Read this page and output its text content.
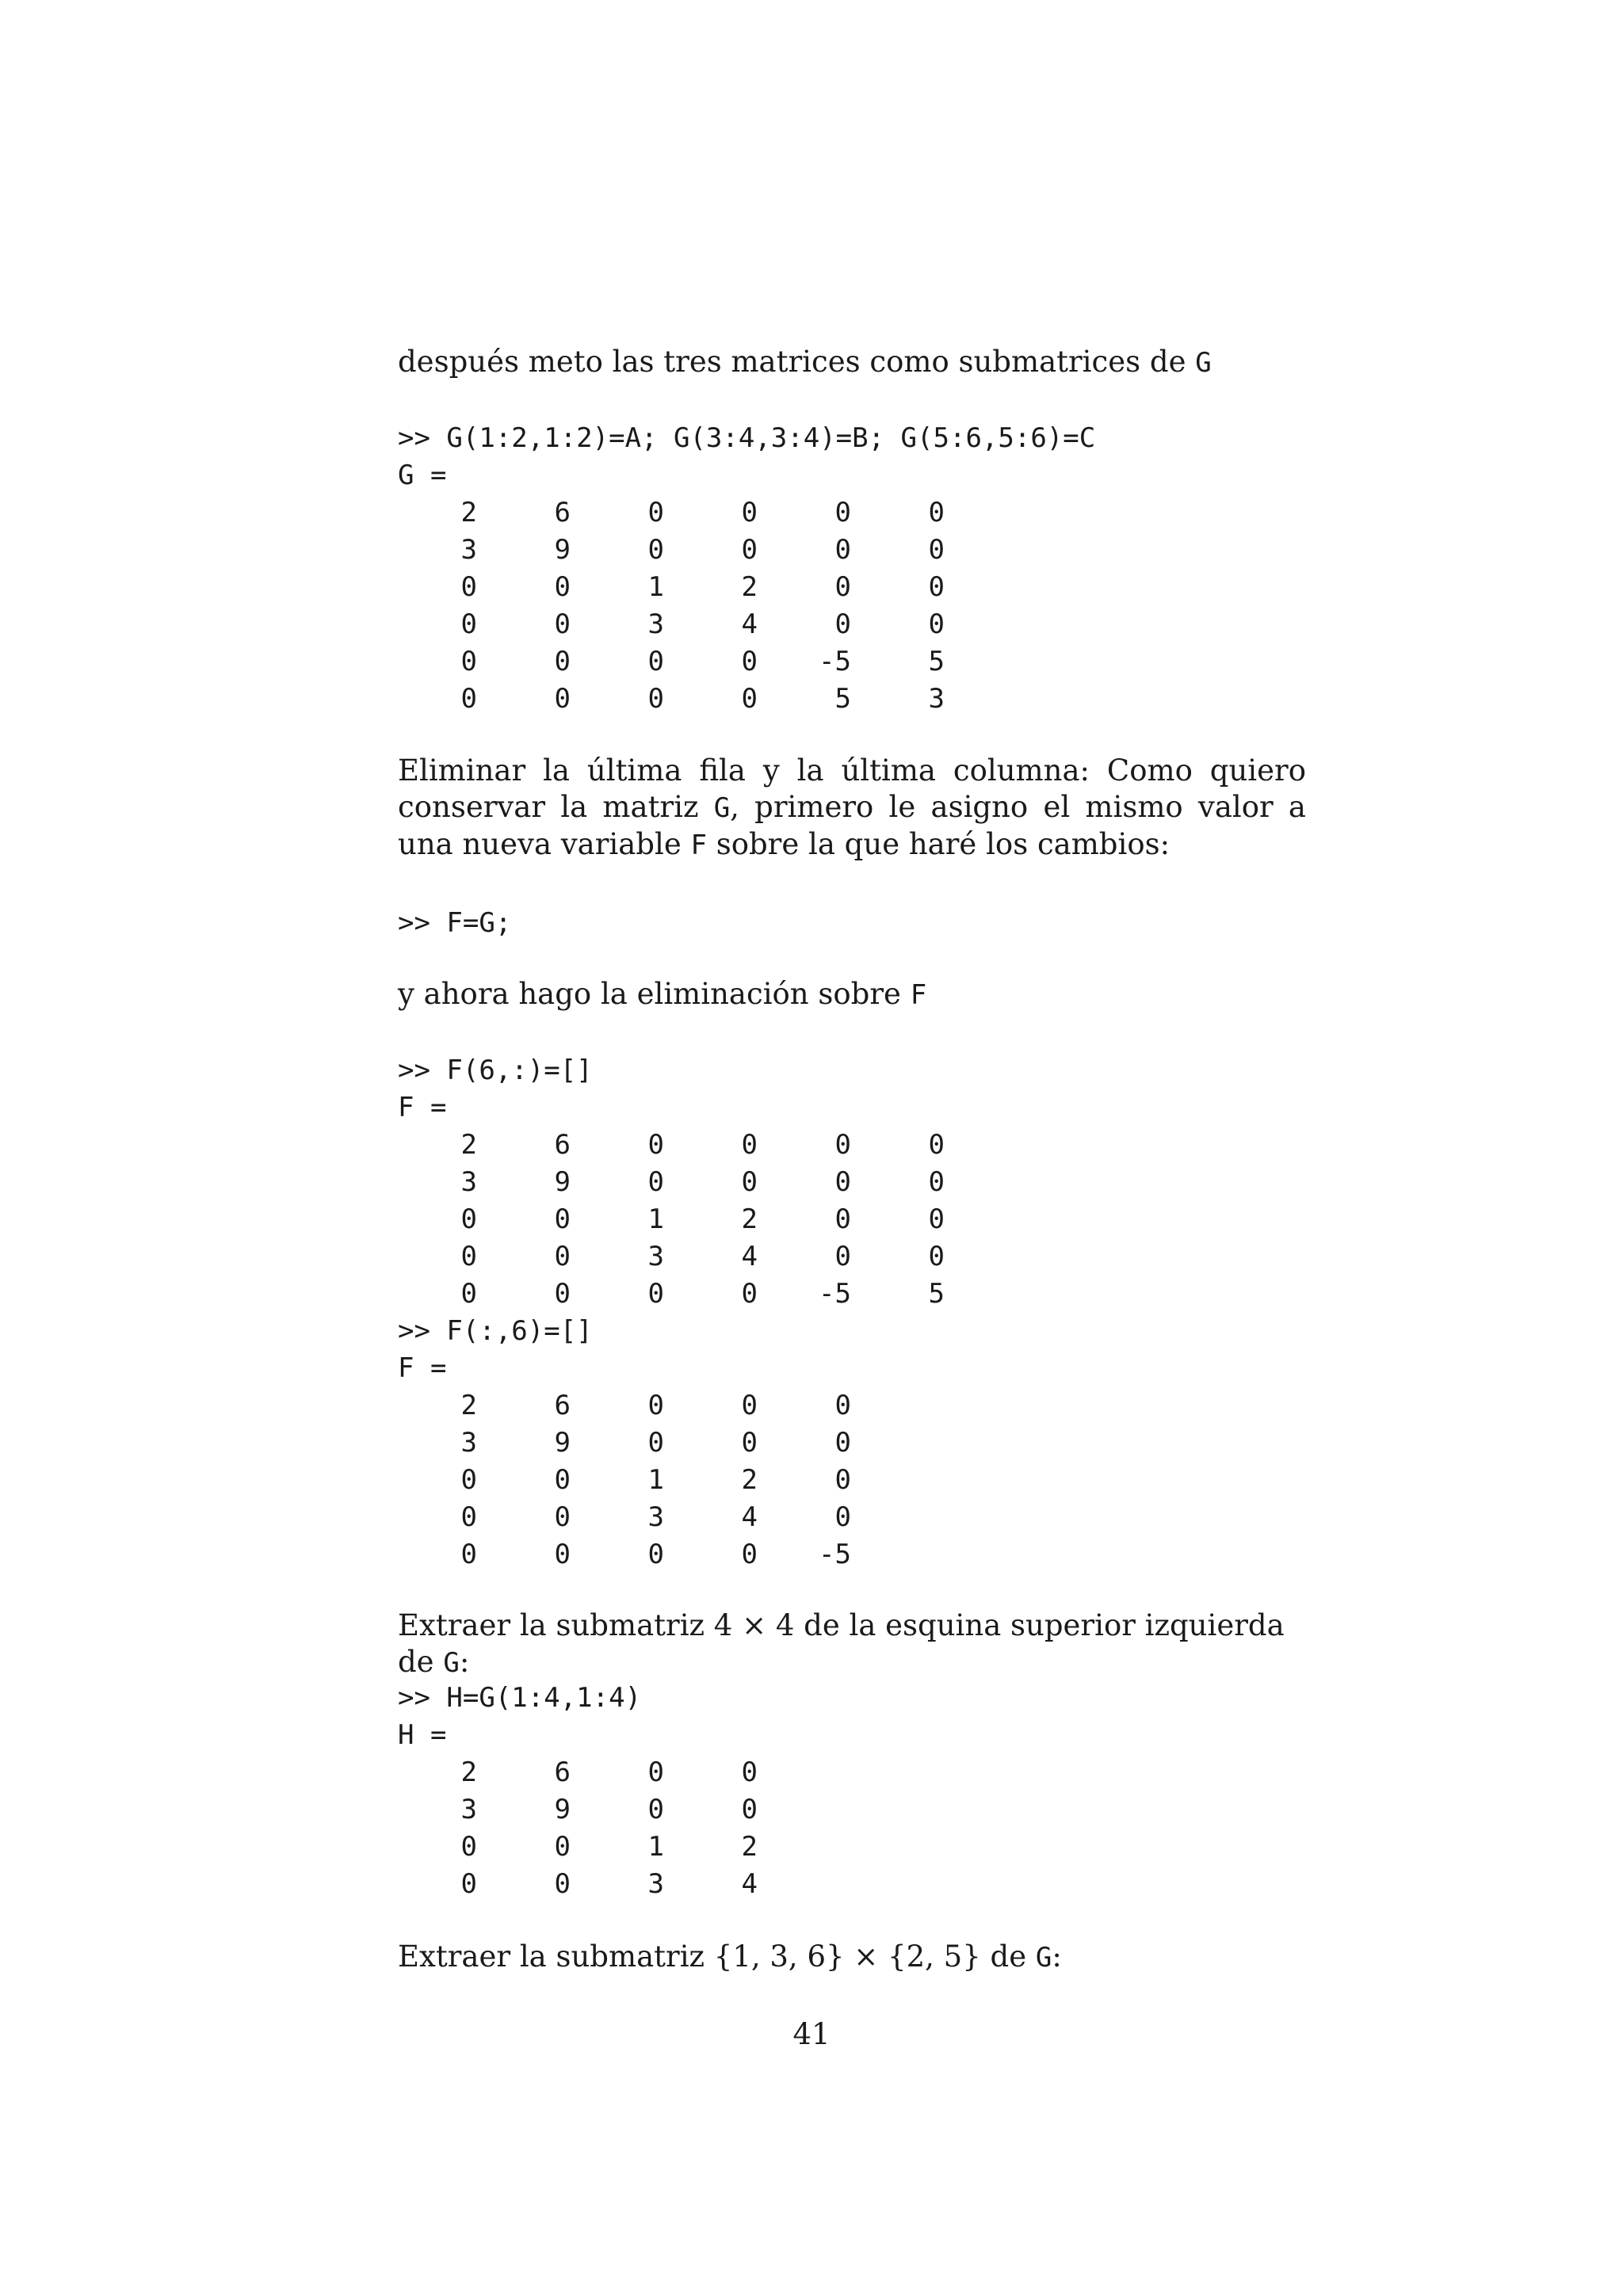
después meto las tres matrices como submatrices de G
>> G(1:2,1:2)=A; G(3:4,3:4)=B; G(5:6,5:6)=C
G =
2	6	0	0	0	0
3	9	0	0	0	0
0	0	1	2	0	0
0	0	3	4	0	0
0	0	0	0	-5	5
0	0	0	0	5	3
Eliminar la última fila y la última columna: Como quiero conservar la matriz G, primero le asigno el mismo valor a una nueva variable F sobre la que haré los cambios:
>> F=G;
y ahora hago la eliminación sobre F
>> F(6,:)=[]
F =
2	6	0	0	0	0
3	9	0	0	0	0
0	0	1	2	0	0
0	0	3	4	0	0
0	0	0	0	-5	5
>> F(:,6)=[]
F =
2	6	0	0	0
3	9	0	0	0
0	0	1	2	0
0	0	3	4	0
0	0	0	0	-5
Extraer la submatriz 4 × 4 de la esquina superior izquierda de G:
>> H=G(1:4,1:4)
H =
2	6	0	0
3	9	0	0
0	0	1	2
0	0	3	4
Extraer la submatriz {1, 3, 6} × {2, 5} de G:
41
